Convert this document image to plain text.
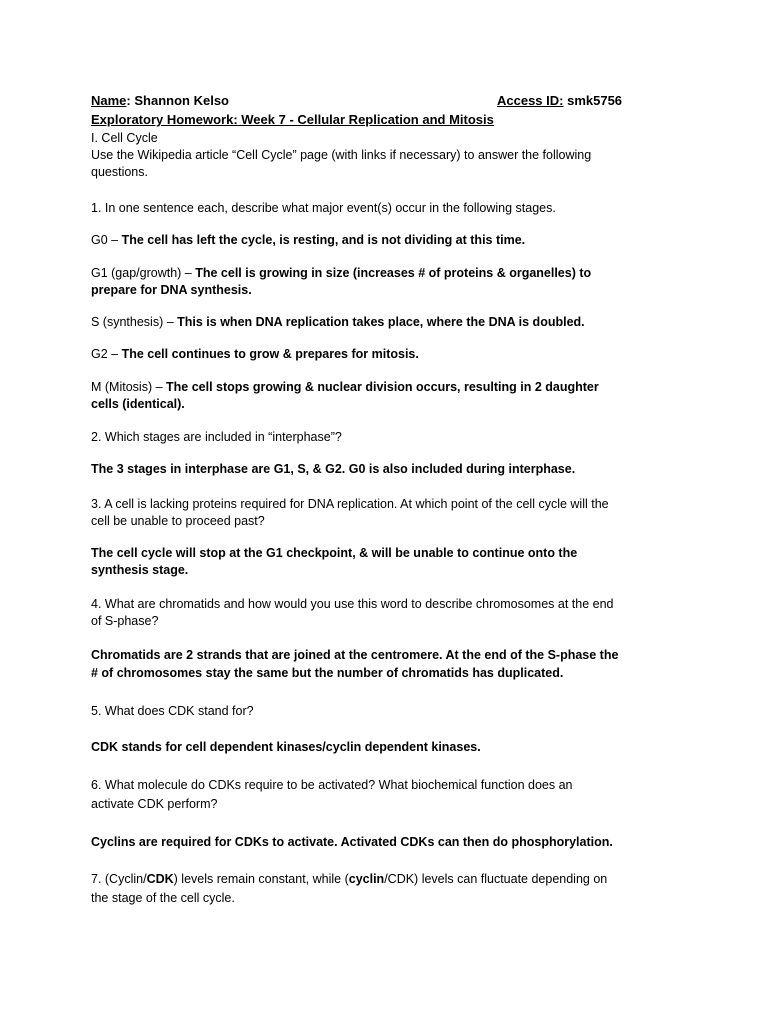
Name: Shannon Kelso	Access ID: smk5756
Exploratory Homework: Week 7 - Cellular Replication and Mitosis
I. Cell Cycle
Use the Wikipedia article “Cell Cycle” page (with links if necessary) to answer the following
questions.
1. In one sentence each, describe what major event(s) occur in the following stages.
G0 – The cell has left the cycle, is resting, and is not dividing at this time.
G1 (gap/growth) – The cell is growing in size (increases # of proteins & organelles) to
prepare for DNA synthesis.
S (synthesis) – This is when DNA replication takes place, where the DNA is doubled.
G2 – The cell continues to grow & prepares for mitosis.
M (Mitosis) – The cell stops growing & nuclear division occurs, resulting in 2 daughter
cells (identical).
2. Which stages are included in “interphase”?
The 3 stages in interphase are G1, S, & G2. G0 is also included during interphase.
3. A cell is lacking proteins required for DNA replication. At which point of the cell cycle will the
cell be unable to proceed past?
The cell cycle will stop at the G1 checkpoint, & will be unable to continue onto the
synthesis stage.
4. What are chromatids and how would you use this word to describe chromosomes at the end
of S-phase?
Chromatids are 2 strands that are joined at the centromere. At the end of the S-phase the
# of chromosomes stay the same but the number of chromatids has duplicated.
5. What does CDK stand for?
CDK stands for cell dependent kinases/cyclin dependent kinases.
6. What molecule do CDKs require to be activated? What biochemical function does an
activate CDK perform?
Cyclins are required for CDKs to activate. Activated CDKs can then do phosphorylation.
7. (Cyclin/CDK) levels remain constant, while (cyclin/CDK) levels can fluctuate depending on
the stage of the cell cycle.
